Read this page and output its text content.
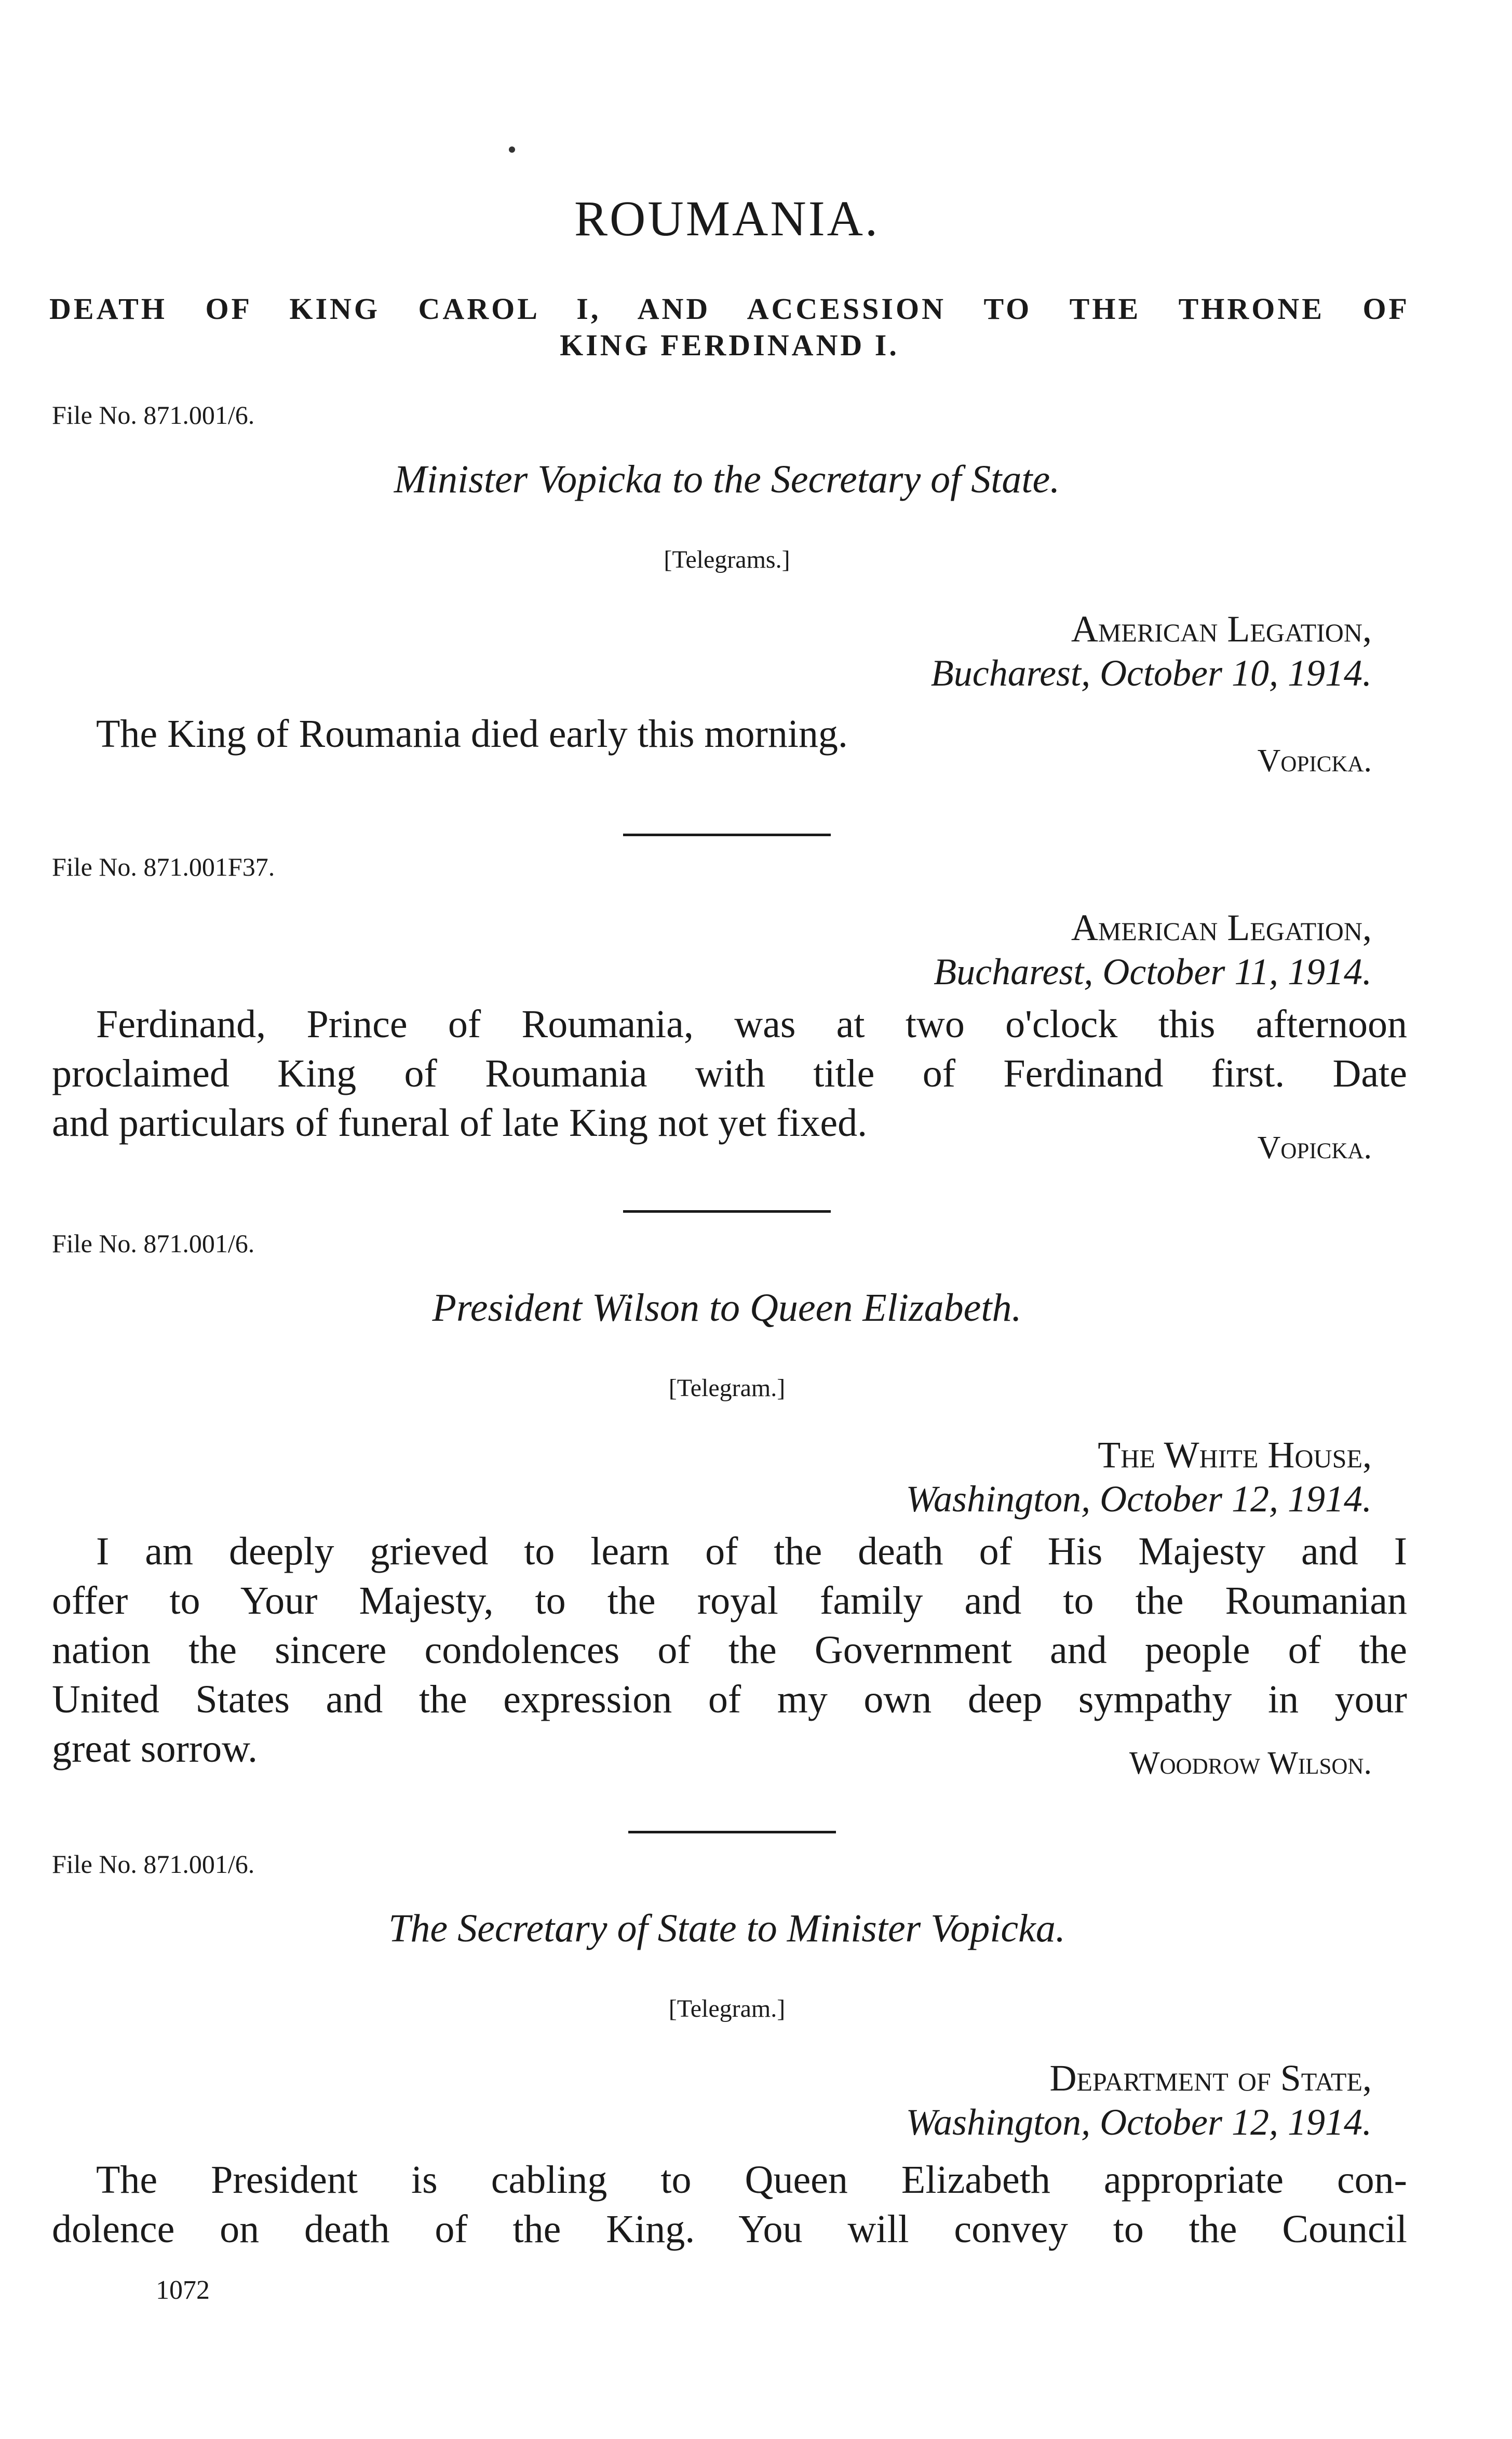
ROUMANIA.
DEATH OF KING CAROL I, AND ACCESSION TO THE THRONE OF
KING FERDINAND I.
File No. 871.001/6.
Minister Vopicka to the Secretary of State.
[Telegrams.]
American Legation,
Bucharest, October 10, 1914.
The King of Roumania died early this morning.
Vopicka.
File No. 871.001F37.
American Legation,
Bucharest, October 11, 1914.
Ferdinand, Prince of Roumania, was at two o'clock this afternoon
proclaimed King of Roumania with title of Ferdinand first. Date
and particulars of funeral of late King not yet fixed.
Vopicka.
File No. 871.001/6.
President Wilson to Queen Elizabeth.
[Telegram.]
The White House,
Washington, October 12, 1914.
I am deeply grieved to learn of the death of His Majesty and I
offer to Your Majesty, to the royal family and to the Roumanian
nation the sincere condolences of the Government and people of the
United States and the expression of my own deep sympathy in your
great sorrow.	Woodrow Wilson.
File No. 871.001/6.
The Secretary of State to Minister Vopicka.
[Telegram.]
Department of State,
Washington, October 12, 1914.
The President is cabling to Queen Elizabeth appropriate con-
dolence on death of the King. You will convey to the Council
1072
